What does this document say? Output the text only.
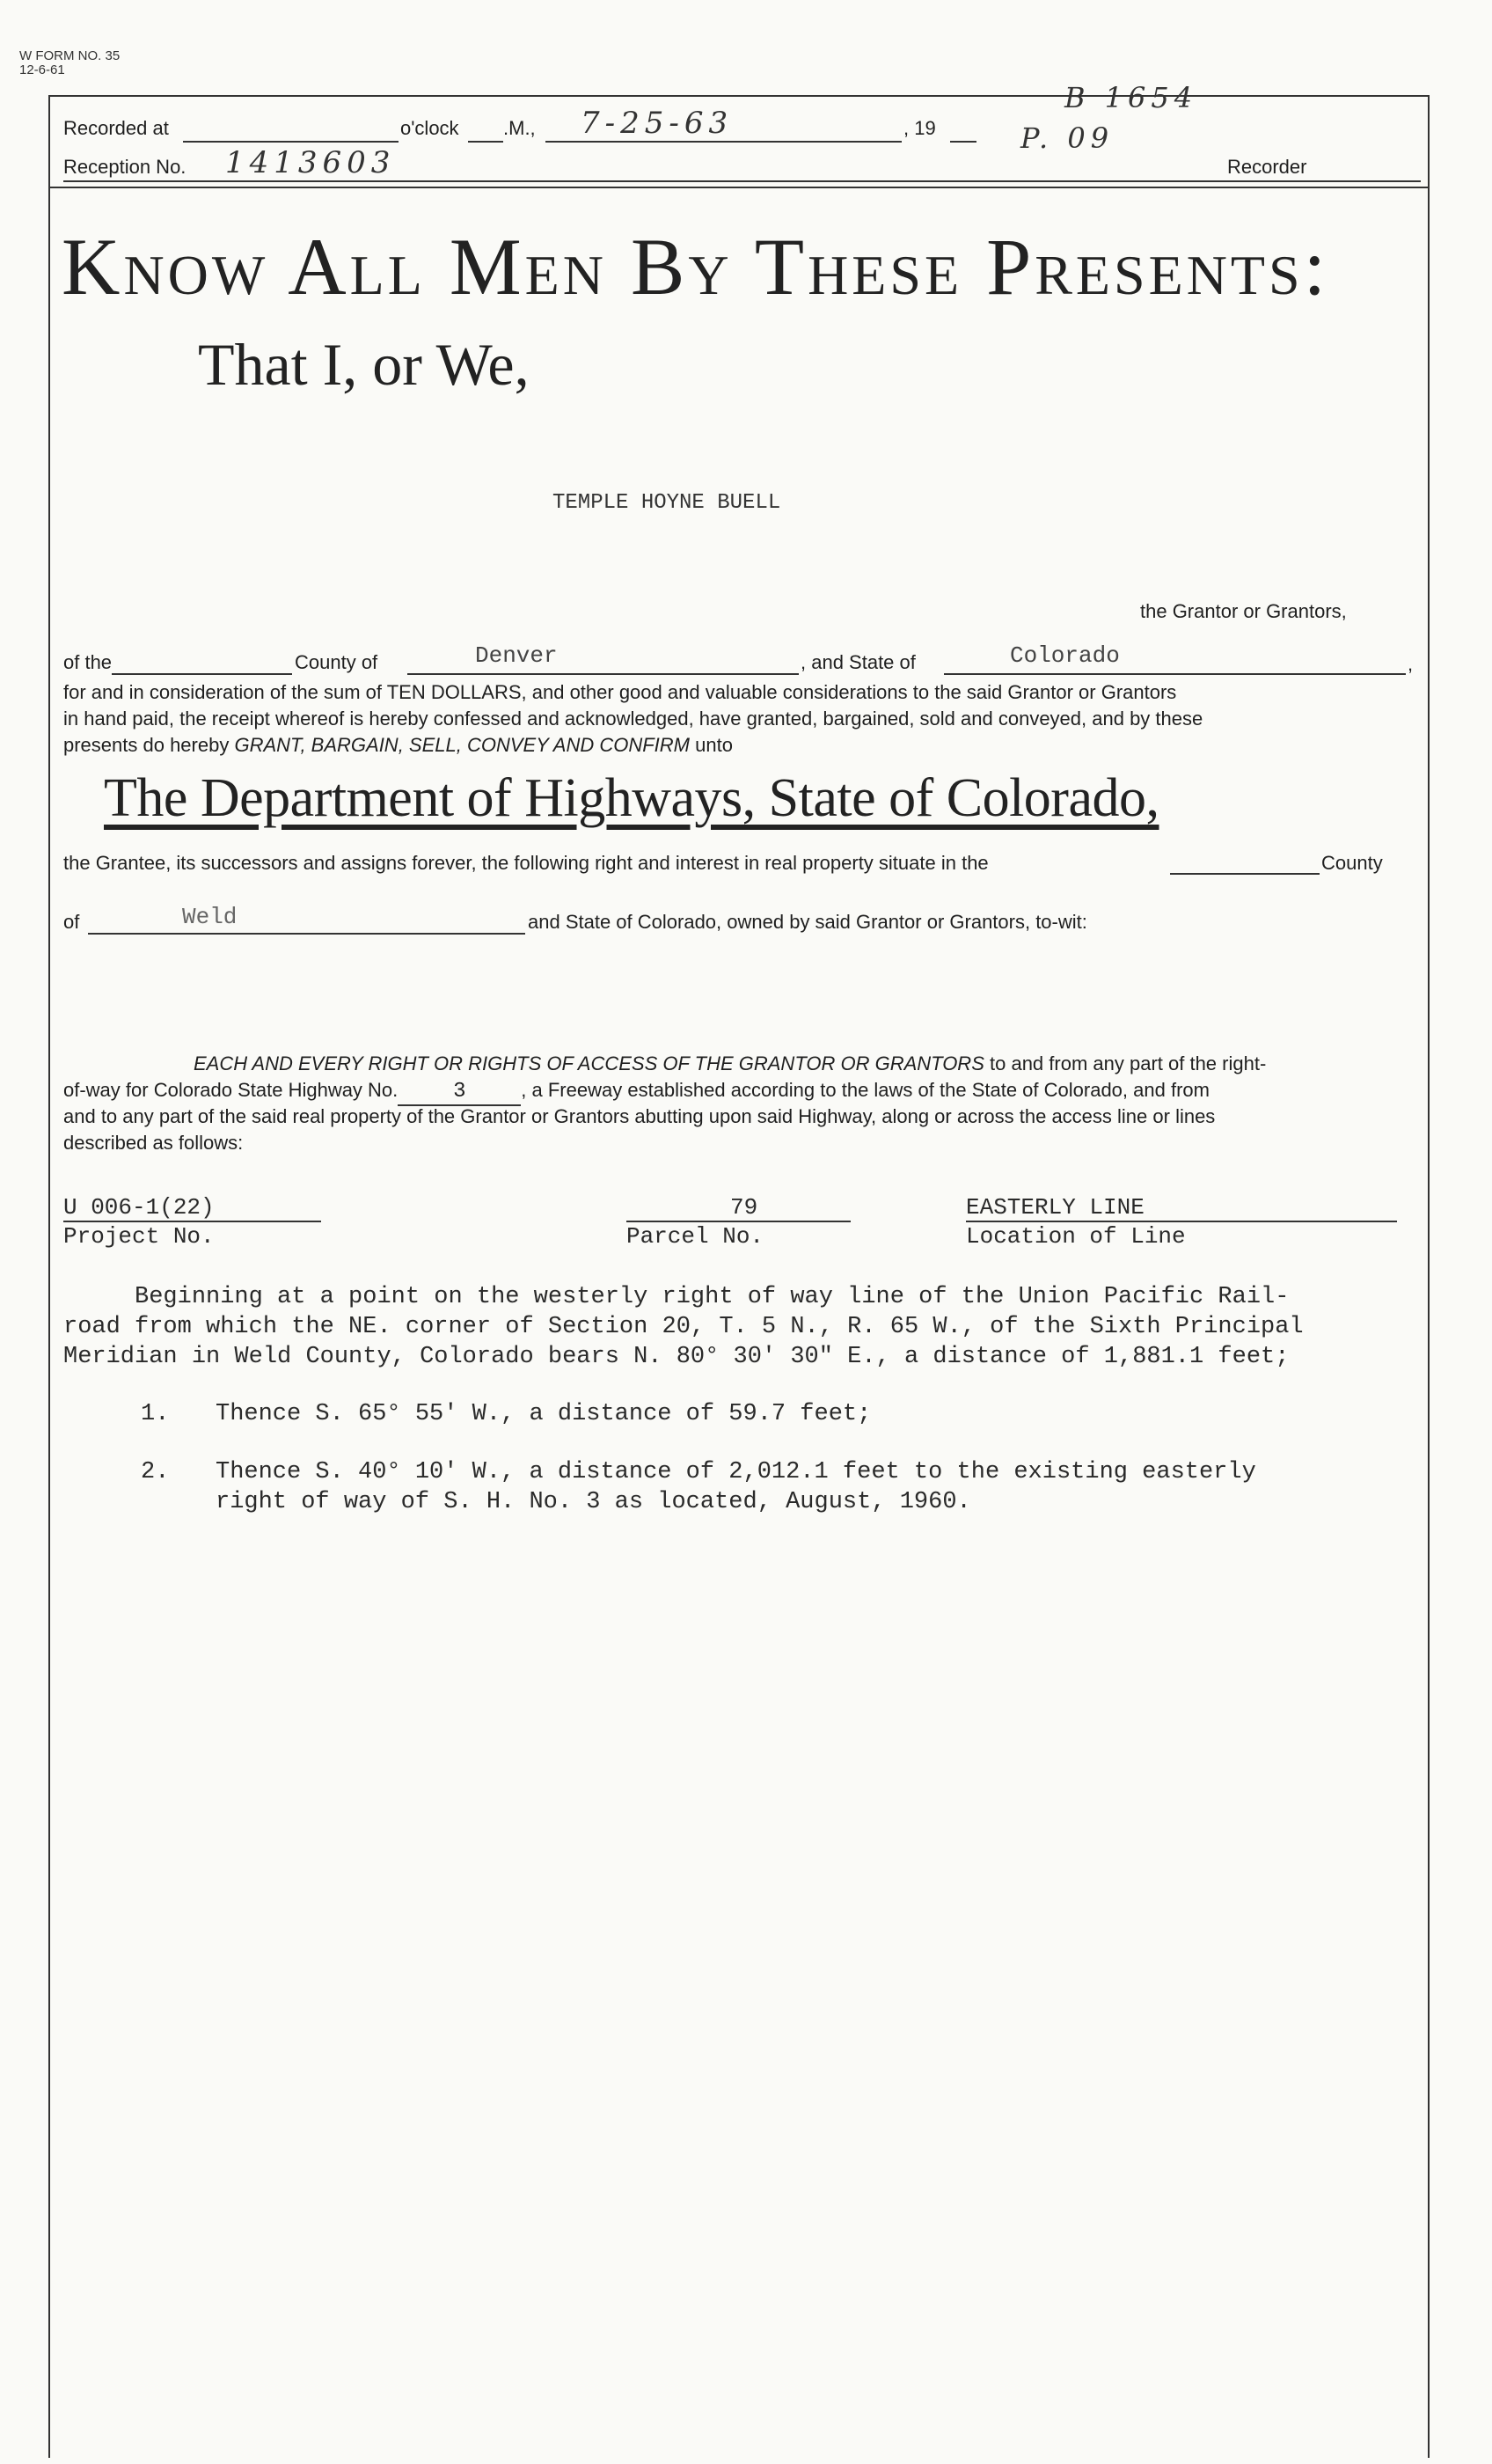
W FORM NO. 35
12-6-61
Recorded at	o'clock .M., 7-25-63	, 19
B 1654
P. 09
Reception No. 1413603	Recorder
Know All Men By These Presents:
That I, or We,
TEMPLE HOYNE BUELL
the Grantor or Grantors,
of the	County of	Denver	, and State of	Colorado	,
for and in consideration of the sum of TEN DOLLARS, and other good and valuable considerations to the said Grantor or Grantors
in hand paid, the receipt whereof is hereby confessed and acknowledged, have granted, bargained, sold and conveyed, and by these
presents do hereby GRANT, BARGAIN, SELL, CONVEY AND CONFIRM unto
The Department of Highways, State of Colorado,
the Grantee, its successors and assigns forever, the following right and interest in real property situate in the	County
of	Weld	and State of Colorado, owned by said Grantor or Grantors, to-wit:
EACH AND EVERY RIGHT OR RIGHTS OF ACCESS OF THE GRANTOR OR GRANTORS to and from any part of the right-
of-way for Colorado State Highway No.	3	, a Freeway established according to the laws of the State of Colorado, and from
and to any part of the said real property of the Grantor or Grantors abutting upon said Highway, along or across the access line or lines
described as follows:
U 006-1(22)
Project No.
79
Parcel No.
EASTERLY LINE
Location of Line
Beginning at a point on the westerly right of way line of the Union Pacific Rail-
road from which the NE. corner of Section 20, T. 5 N., R. 65 W., of the Sixth Principal
Meridian in Weld County, Colorado bears N. 80° 30' 30" E., a distance of 1,881.1 feet;
1. Thence S. 65° 55' W., a distance of 59.7 feet;
2. Thence S. 40° 10' W., a distance of 2,012.1 feet to the existing easterly
right of way of S. H. No. 3 as located, August, 1960.
